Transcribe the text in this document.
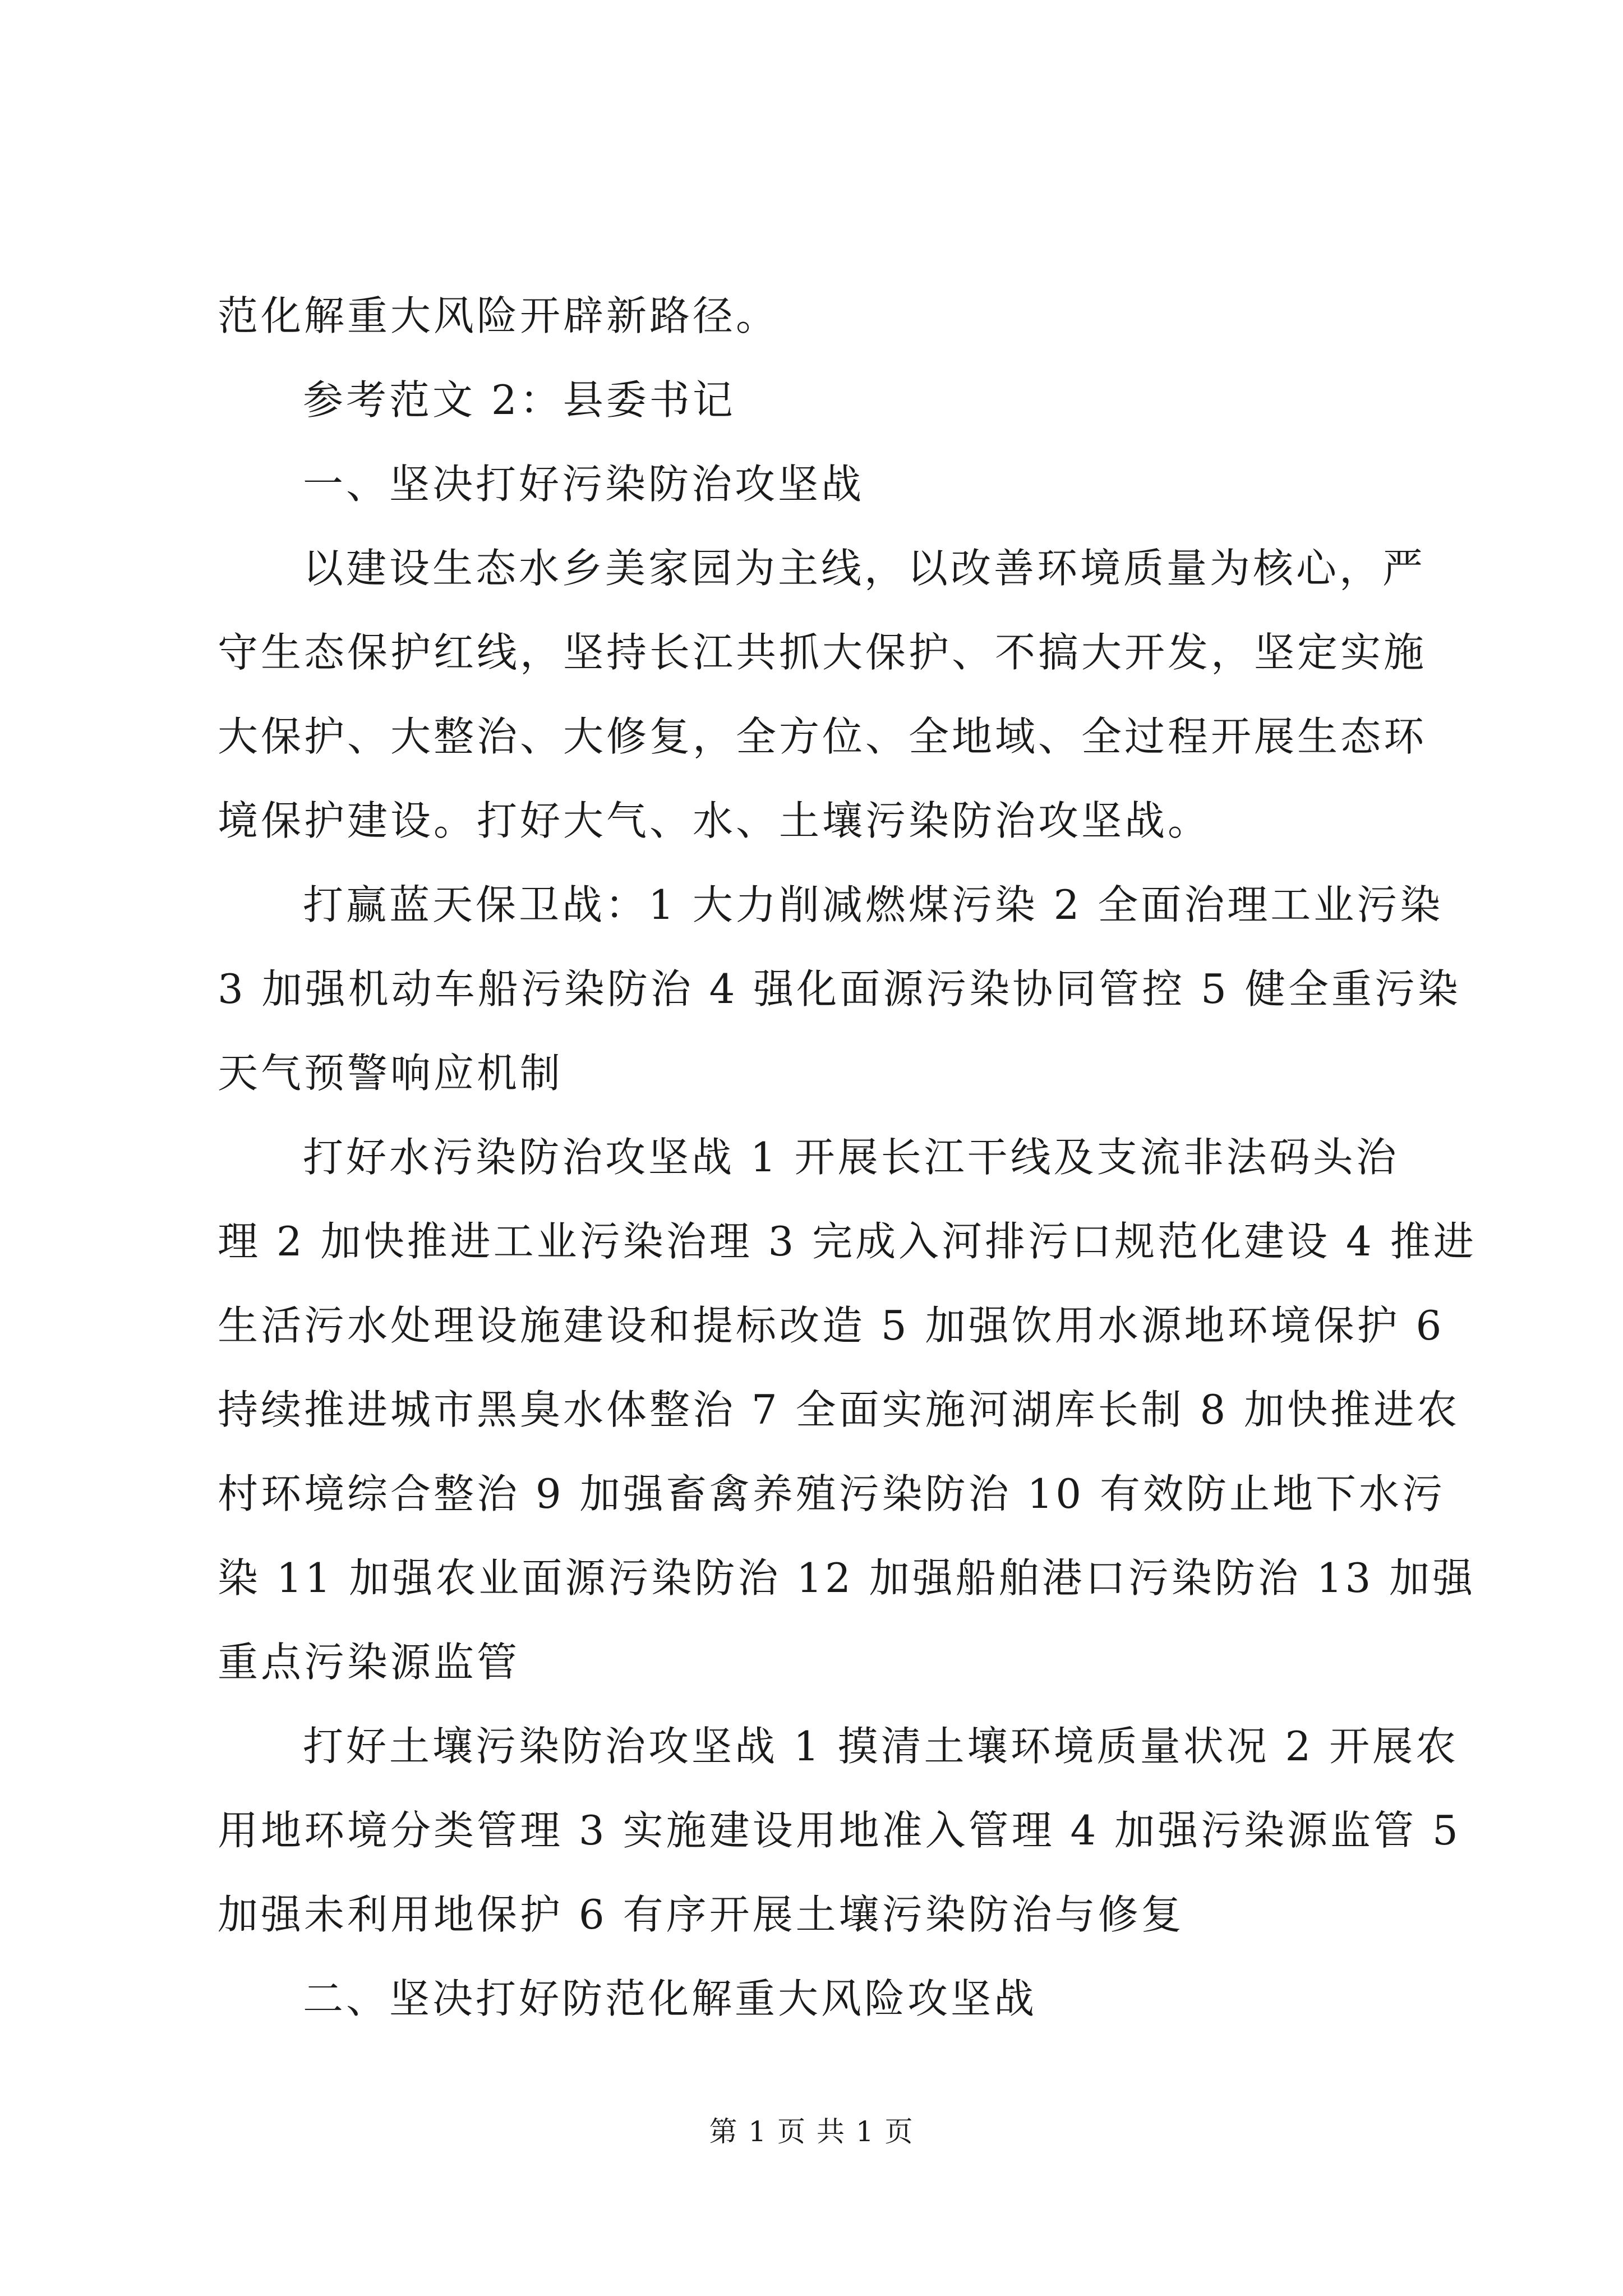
范化解重大风险开辟新路径。
参考范文 2：县委书记
一、坚决打好污染防治攻坚战
以建设生态水乡美家园为主线，以改善环境质量为核心，严
守生态保护红线，坚持长江共抓大保护、不搞大开发，坚定实施
大保护、大整治、大修复，全方位、全地域、全过程开展生态环
境保护建设。打好大气、水、土壤污染防治攻坚战。
打赢蓝天保卫战：1 大力削减燃煤污染 2 全面治理工业污染
3 加强机动车船污染防治 4 强化面源污染协同管控 5 健全重污染
天气预警响应机制
打好水污染防治攻坚战 1 开展长江干线及支流非法码头治
理 2 加快推进工业污染治理 3 完成入河排污口规范化建设 4 推进
生活污水处理设施建设和提标改造 5 加强饮用水源地环境保护 6
持续推进城市黑臭水体整治 7 全面实施河湖库长制 8 加快推进农
村环境综合整治 9 加强畜禽养殖污染防治 10 有效防止地下水污
染 11 加强农业面源污染防治 12 加强船舶港口污染防治 13 加强
重点污染源监管
打好土壤污染防治攻坚战 1 摸清土壤环境质量状况 2 开展农
用地环境分类管理 3 实施建设用地准入管理 4 加强污染源监管 5
加强未利用地保护 6 有序开展土壤污染防治与修复
二、坚决打好防范化解重大风险攻坚战
第 1 页 共 1 页
